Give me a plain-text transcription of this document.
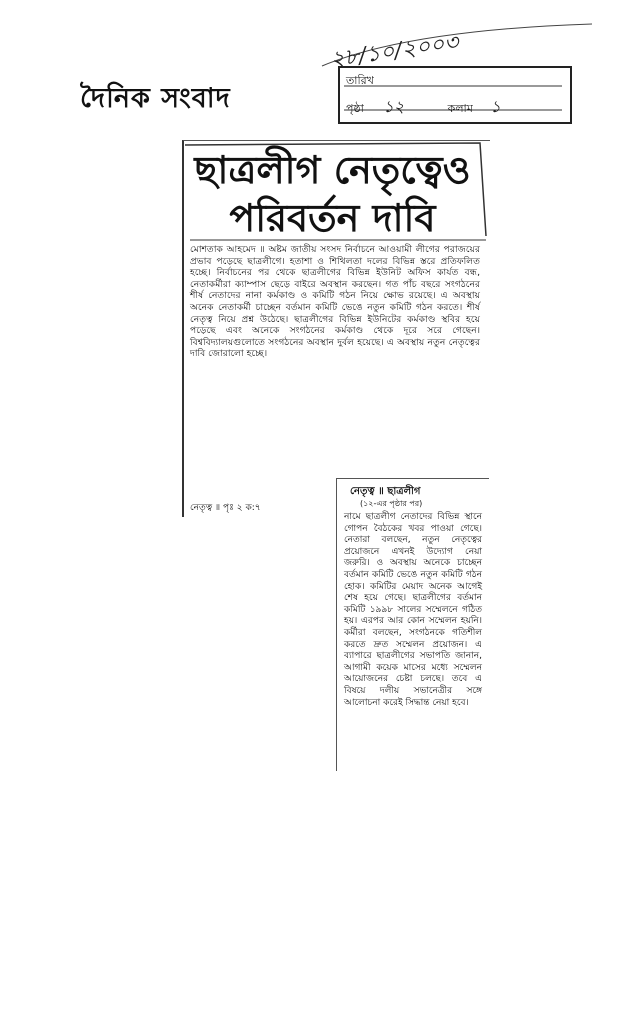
২৮/১০/২০০৩
দৈনিক সংবাদ
তারিখ
পৃষ্ঠা ১২	কলাম ১
ছাত্রলীগ নেতৃত্বেও
পরিবর্তন দাবি
মোশতাক আহমেদ ॥ অষ্টম জাতীয় সংসদ নির্বাচনে আওয়ামী লীগের পরাজয়ের প্রভাব পড়েছে ছাত্রলীগে। হতাশা ও শিথিলতা দলের বিভিন্ন স্তরে প্রতিফলিত হচ্ছে। নির্বাচনের পর থেকে ছাত্রলীগের বিভিন্ন ইউনিট অফিস কার্যত বন্ধ, নেতাকর্মীরা ক্যাম্পাস ছেড়ে বাইরে অবস্থান করছেন। গত পাঁচ বছরে সংগঠনের শীর্ষ নেতাদের নানা কর্মকাণ্ড ও কমিটি গঠন নিয়ে ক্ষোভ রয়েছে। এ অবস্থায় অনেক নেতাকর্মী চাচ্ছেন বর্তমান কমিটি ভেঙে নতুন কমিটি গঠন করতে। শীর্ষ নেতৃত্ব নিয়ে প্রশ্ন উঠেছে। ছাত্রলীগের বিভিন্ন ইউনিটের কর্মকাণ্ড স্থবির হয়ে পড়েছে এবং অনেকে সংগঠনের কর্মকাণ্ড থেকে দূরে সরে গেছেন। বিশ্ববিদ্যালয়গুলোতে সংগঠনের অবস্থান দুর্বল হয়েছে। এ অবস্থায় নতুন নেতৃত্বের দাবি জোরালো হচ্ছে।
নেতৃত্ব ॥ পৃঃ ২ ক:৭
নেতৃত্ব ॥ ছাত্রলীগ
(১২-এর পৃষ্ঠার পর)
নামে ছাত্রলীগ নেতাদের বিভিন্ন স্থানে গোপন বৈঠকের খবর পাওয়া গেছে। নেতারা বলছেন, নতুন নেতৃত্বের প্রয়োজনে এখনই উদ্যোগ নেয়া জরুরি। ও অবস্থায় অনেকে চাচ্ছেন বর্তমান কমিটি ভেঙে নতুন কমিটি গঠন হোক। কমিটির মেয়াদ অনেক আগেই শেষ হয়ে গেছে। ছাত্রলীগের বর্তমান কমিটি ১৯৯৮ সালের সম্মেলনে গঠিত হয়। এরপর আর কোন সম্মেলন হয়নি। কর্মীরা বলছেন, সংগঠনকে গতিশীল করতে দ্রুত সম্মেলন প্রয়োজন। এ ব্যাপারে ছাত্রলীগের সভাপতি জানান, আগামী কয়েক মাসের মধ্যে সম্মেলন আয়োজনের চেষ্টা চলছে। তবে এ বিষয়ে দলীয় সভানেত্রীর সঙ্গে আলোচনা করেই সিদ্ধান্ত নেয়া হবে।
